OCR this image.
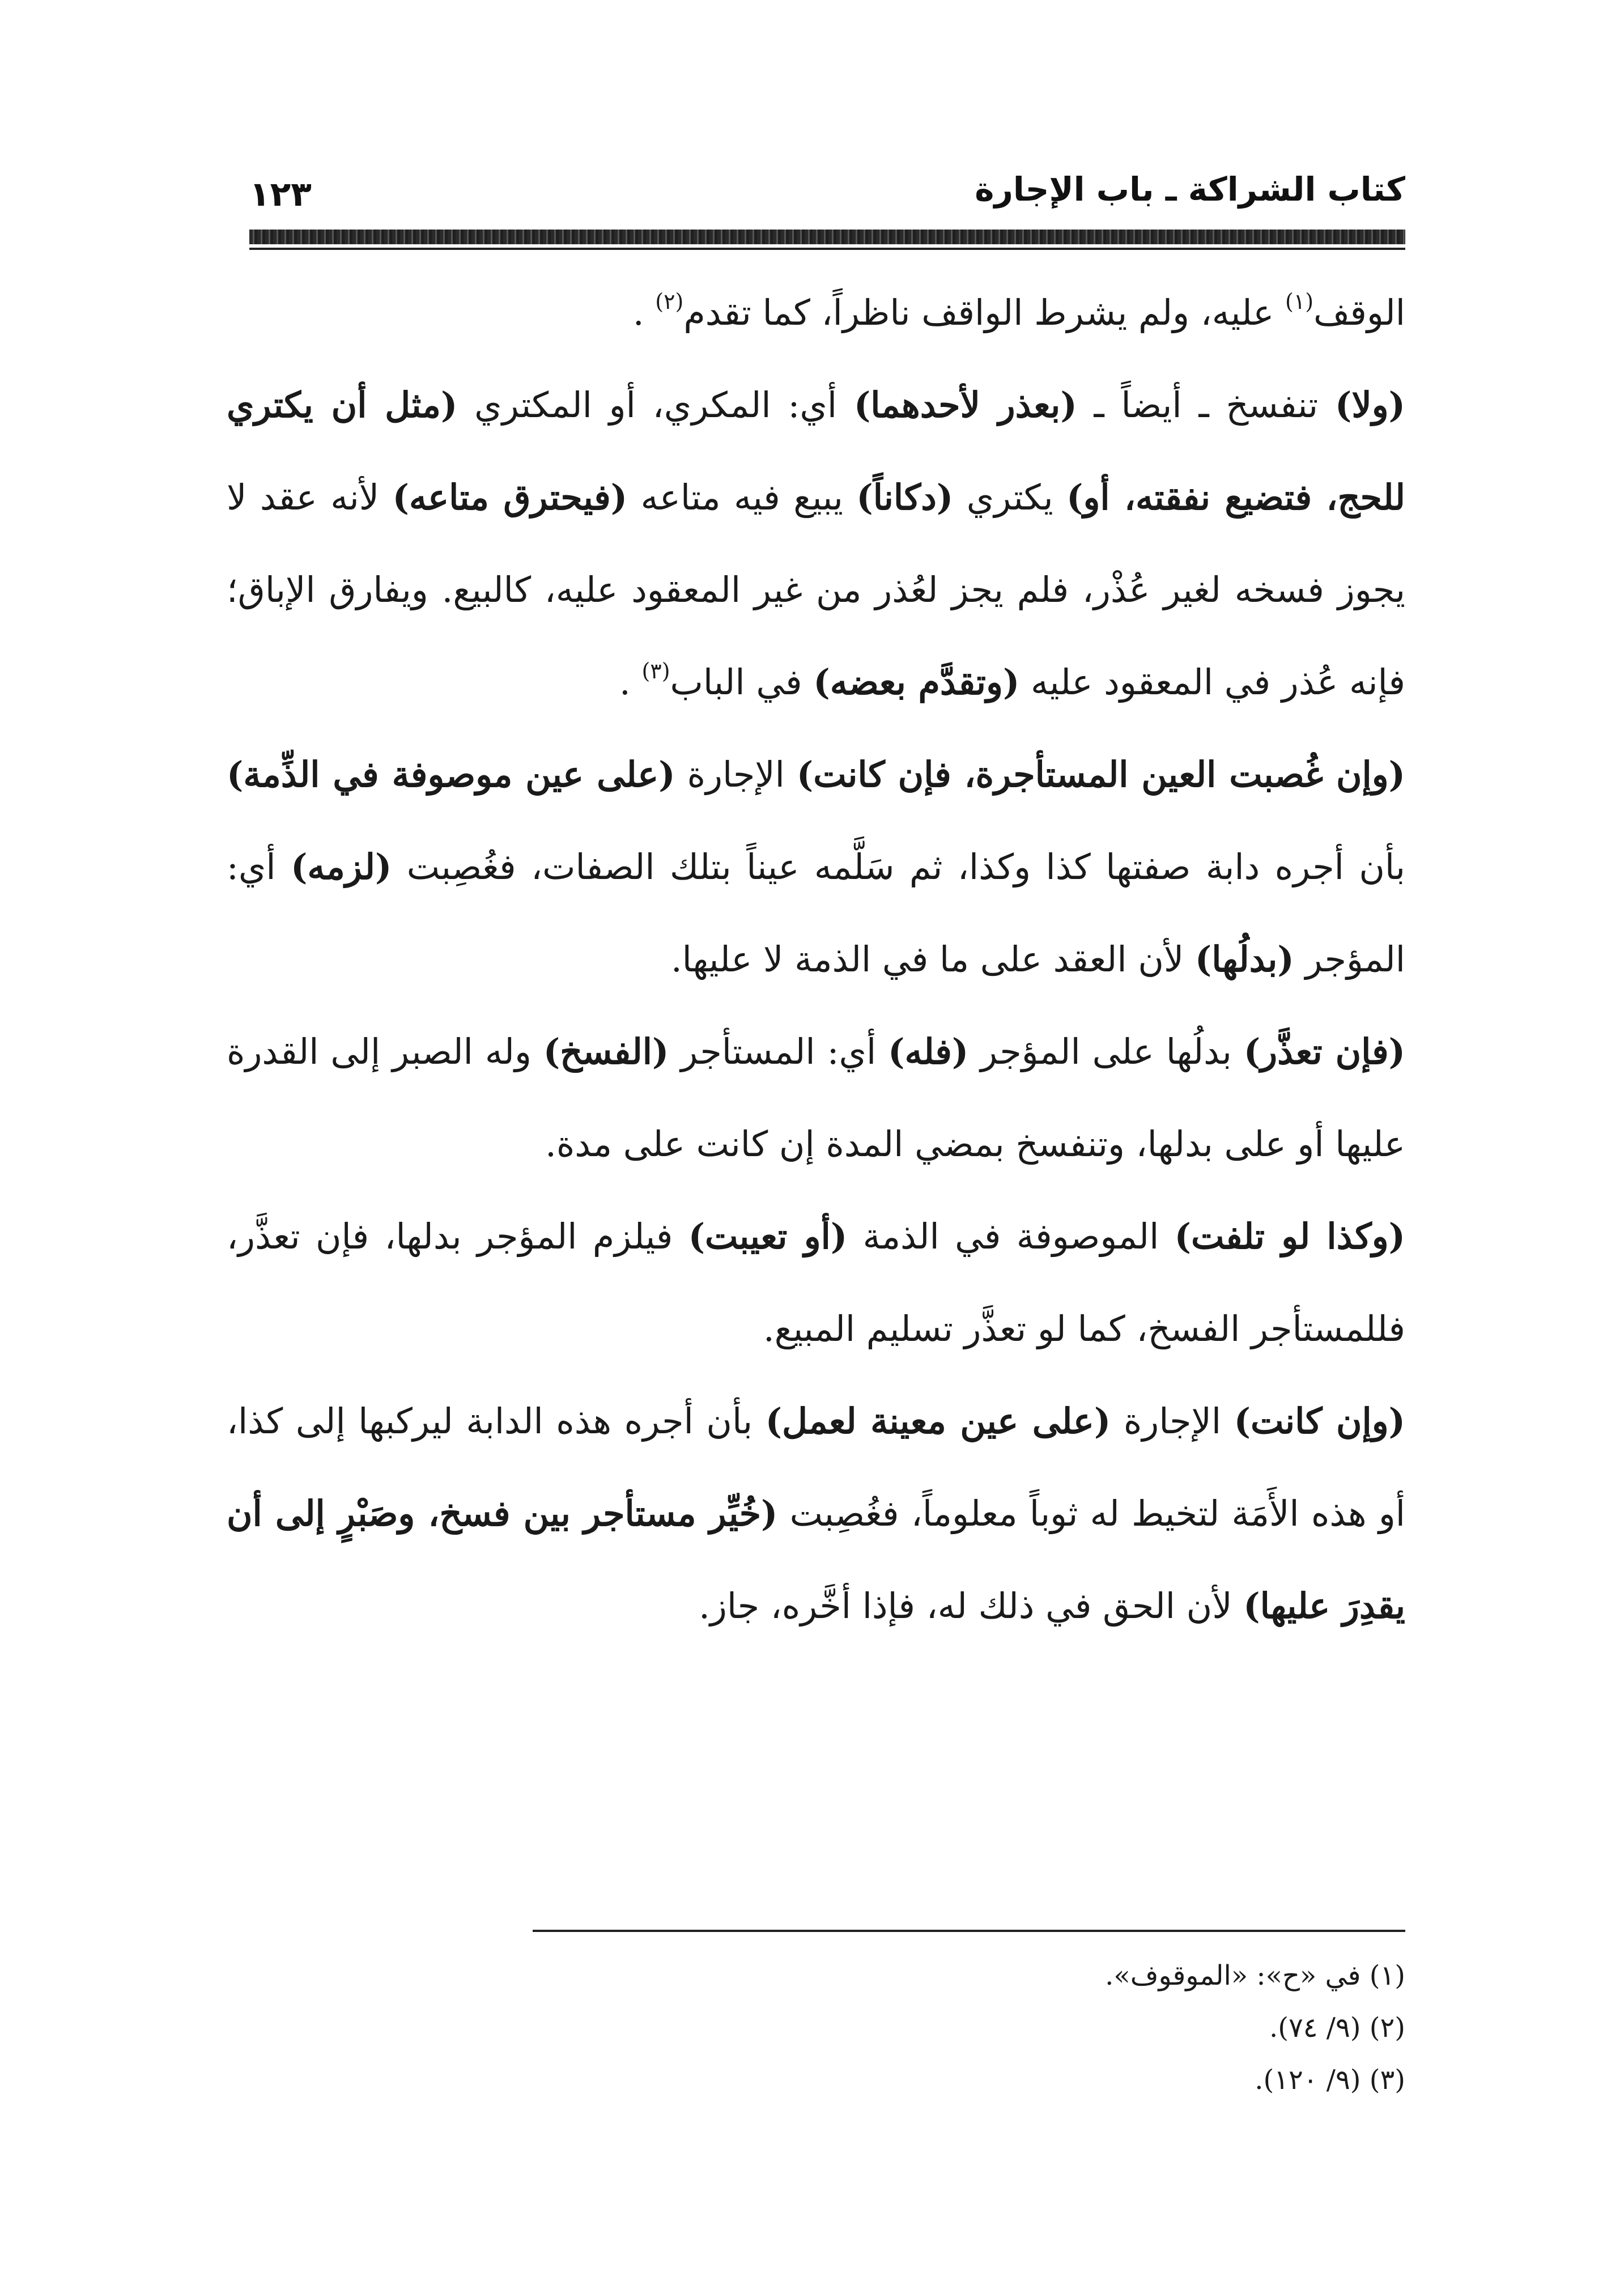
كتاب الشراكة ـ باب الإجارة
١٢٣

الوقف$^{(١)}$ عليه، ولم يشرط الواقف ناظراً، كما تقدم$^{(٢)}$ .

(ولا) تنفسخ ـ أيضاً ـ (بعذر لأحدهما) أي: المكري، أو المكتري (مثل أن يكتري للحج، فتضيع نفقته، أو) يكتري (دكاناً) يبيع فيه متاعه (فيحترق متاعه) لأنه عقد لا يجوز فسخه لغير عُذْر، فلم يجز لعُذر من غير المعقود عليه، كالبيع. ويفارق الإباق؛ فإنه عُذر في المعقود عليه (وتقدَّم بعضه) في الباب$^{(٣)}$ .

(وإن غُصبت العين المستأجرة، فإن كانت) الإجارة (على عين موصوفة في الذِّمة) بأن أجره دابة صفتها كذا وكذا، ثم سَلَّمه عيناً بتلك الصفات، فغُصِبت (لزمه) أي: المؤجر (بدلُها) لأن العقد على ما في الذمة لا عليها.

(فإن تعذَّر) بدلُها على المؤجر (فله) أي: المستأجر (الفسخ) وله الصبر إلى القدرة عليها أو على بدلها، وتنفسخ بمضي المدة إن كانت على مدة.

(وكذا لو تلفت) الموصوفة في الذمة (أو تعيبت) فيلزم المؤجر بدلها، فإن تعذَّر، فللمستأجر الفسخ، كما لو تعذَّر تسليم المبيع.

(وإن كانت) الإجارة (على عين معينة لعمل) بأن أجره هذه الدابة ليركبها إلى كذا، أو هذه الأَمَة لتخيط له ثوباً معلوماً، فغُصِبت (خُيِّر مستأجر بين فسخ، وصَبْرٍ إلى أن يقدِرَ عليها) لأن الحق في ذلك له، فإذا أخَّره، جاز.

(١) في «ح»: «الموقوف».
(٢) (٩/ ٧٤).
(٣) (٩/ ١٢٠).
